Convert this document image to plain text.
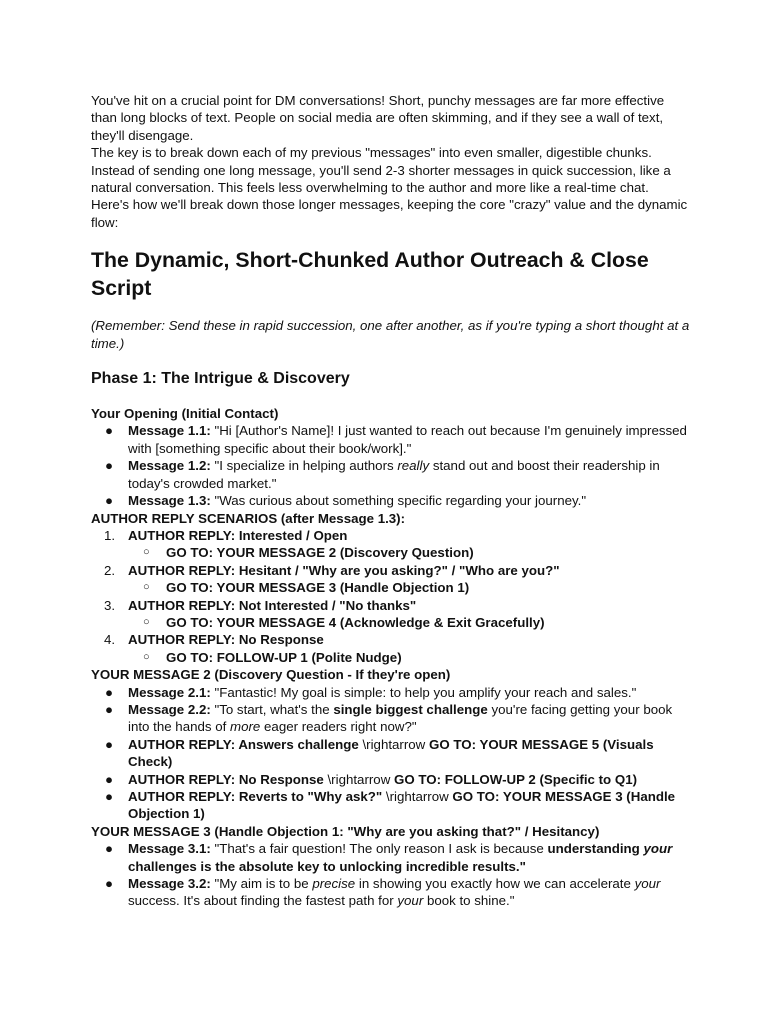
You've hit on a crucial point for DM conversations! Short, punchy messages are far more effective than long blocks of text. People on social media are often skimming, and if they see a wall of text, they'll disengage.

The key is to break down each of my previous "messages" into even smaller, digestible chunks. Instead of sending one long message, you'll send 2-3 shorter messages in quick succession, like a natural conversation. This feels less overwhelming to the author and more like a real-time chat.

Here's how we'll break down those longer messages, keeping the core "crazy" value and the dynamic flow:

The Dynamic, Short-Chunked Author Outreach & Close Script

(Remember: Send these in rapid succession, one after another, as if you're typing a short thought at a time.)

Phase 1: The Intrigue & Discovery
Your Opening (Initial Contact)
● Message 1.1: "Hi [Author's Name]! I just wanted to reach out because I'm genuinely impressed with [something specific about their book/work]."
● Message 1.2: "I specialize in helping authors really stand out and boost their readership in today's crowded market."
● Message 1.3: "Was curious about something specific regarding your journey."
AUTHOR REPLY SCENARIOS (after Message 1.3):
1. AUTHOR REPLY: Interested / Open
○ GO TO: YOUR MESSAGE 2 (Discovery Question)
2. AUTHOR REPLY: Hesitant / "Why are you asking?" / "Who are you?"
○ GO TO: YOUR MESSAGE 3 (Handle Objection 1)
3. AUTHOR REPLY: Not Interested / "No thanks"
○ GO TO: YOUR MESSAGE 4 (Acknowledge & Exit Gracefully)
4. AUTHOR REPLY: No Response
○ GO TO: FOLLOW-UP 1 (Polite Nudge)
YOUR MESSAGE 2 (Discovery Question - If they're open)
● Message 2.1: "Fantastic! My goal is simple: to help you amplify your reach and sales."
● Message 2.2: "To start, what's the single biggest challenge you're facing getting your book into the hands of more eager readers right now?"
● AUTHOR REPLY: Answers challenge \rightarrow GO TO: YOUR MESSAGE 5 (Visuals Check)
● AUTHOR REPLY: No Response \rightarrow GO TO: FOLLOW-UP 2 (Specific to Q1)
● AUTHOR REPLY: Reverts to "Why ask?" \rightarrow GO TO: YOUR MESSAGE 3 (Handle Objection 1)
YOUR MESSAGE 3 (Handle Objection 1: "Why are you asking that?" / Hesitancy)
● Message 3.1: "That's a fair question! The only reason I ask is because understanding your challenges is the absolute key to unlocking incredible results."
● Message 3.2: "My aim is to be precise in showing you exactly how we can accelerate your success. It's about finding the fastest path for your book to shine."
